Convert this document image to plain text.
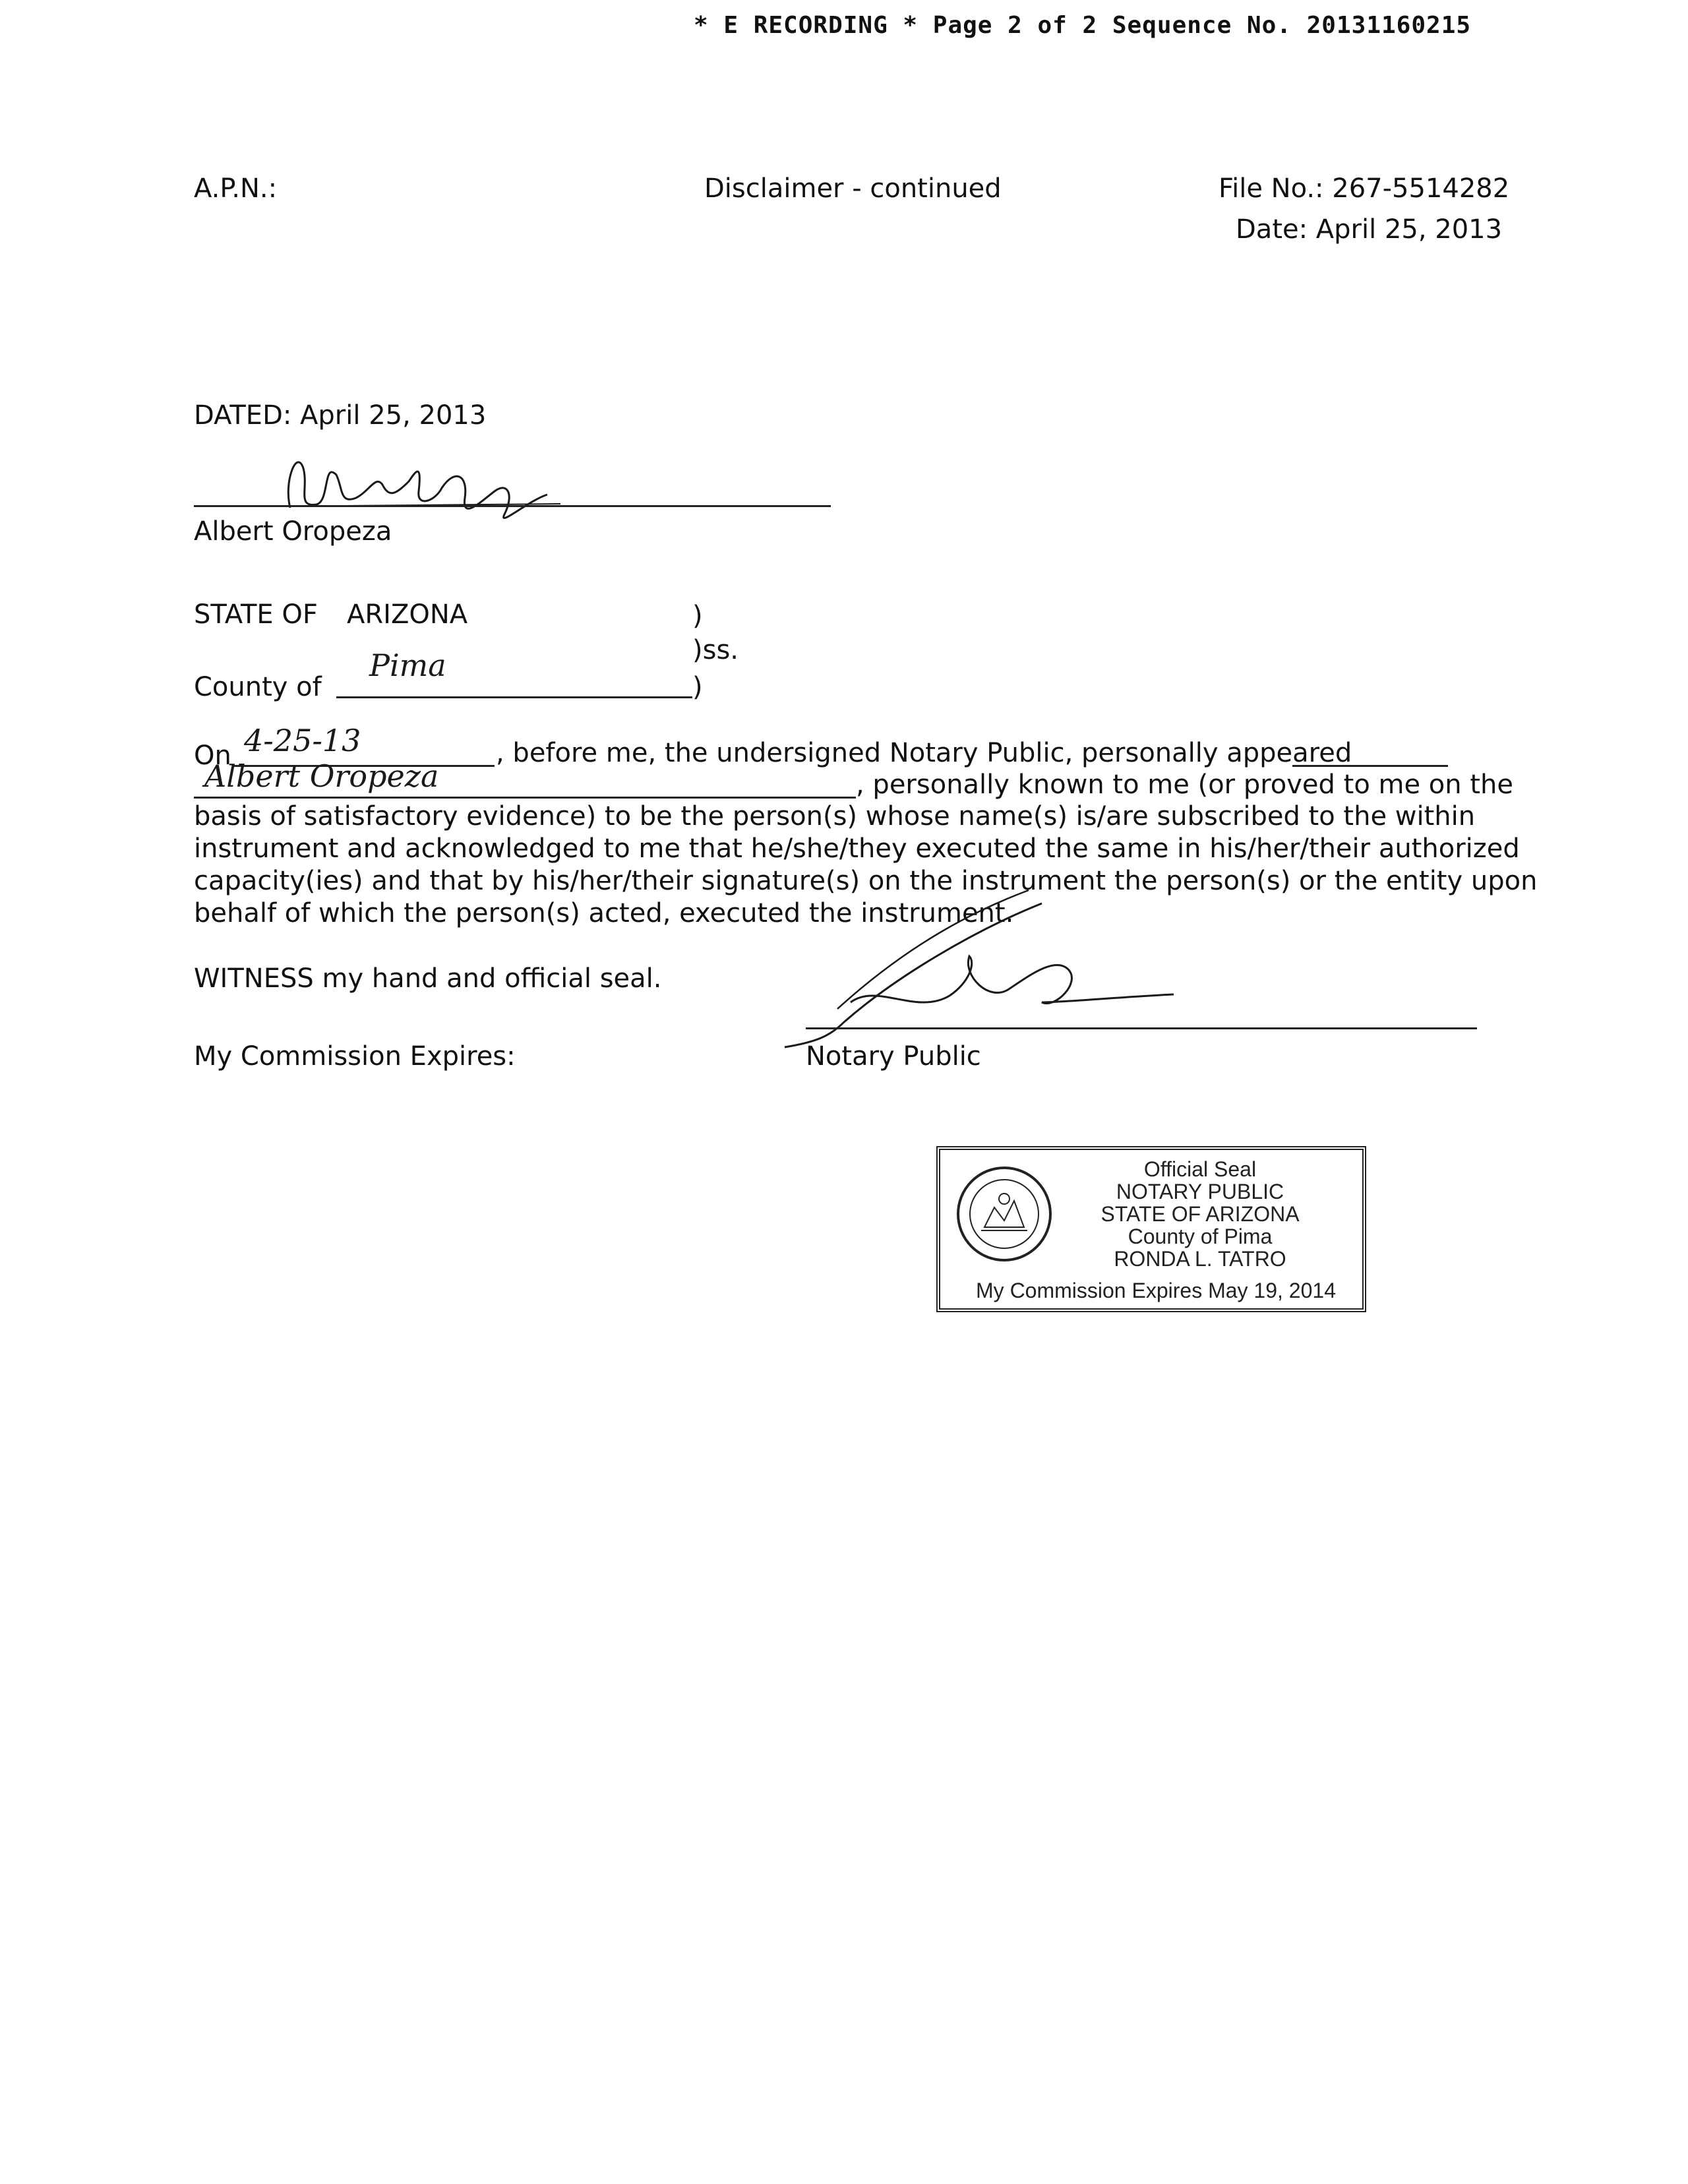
* E RECORDING * Page 2 of 2 Sequence No. 20131160215
A.P.N.:	Disclaimer - continued	File No.: 267-5514282
Date: April 25, 2013
DATED: April 25, 2013
Albert Oropeza
STATE OF ARIZONA	)
)ss.
County of
Pima
)
On 4-25-13	, before me, the undersigned Notary Public, personally appeared
Albert Oropeza	, personally known to me (or proved to me on the
basis of satisfactory evidence) to be the person(s) whose name(s) is/are subscribed to the within
instrument and acknowledged to me that he/she/they executed the same in his/her/their authorized
capacity(ies) and that by his/her/their signature(s) on the instrument the person(s) or the entity upon
behalf of which the person(s) acted, executed the instrument.
WITNESS my hand and official seal.
My Commission Expires:	Notary Public
Official Seal
NOTARY PUBLIC
STATE OF ARIZONA
County of Pima
RONDA L. TATRO
My Commission Expires May 19, 2014
